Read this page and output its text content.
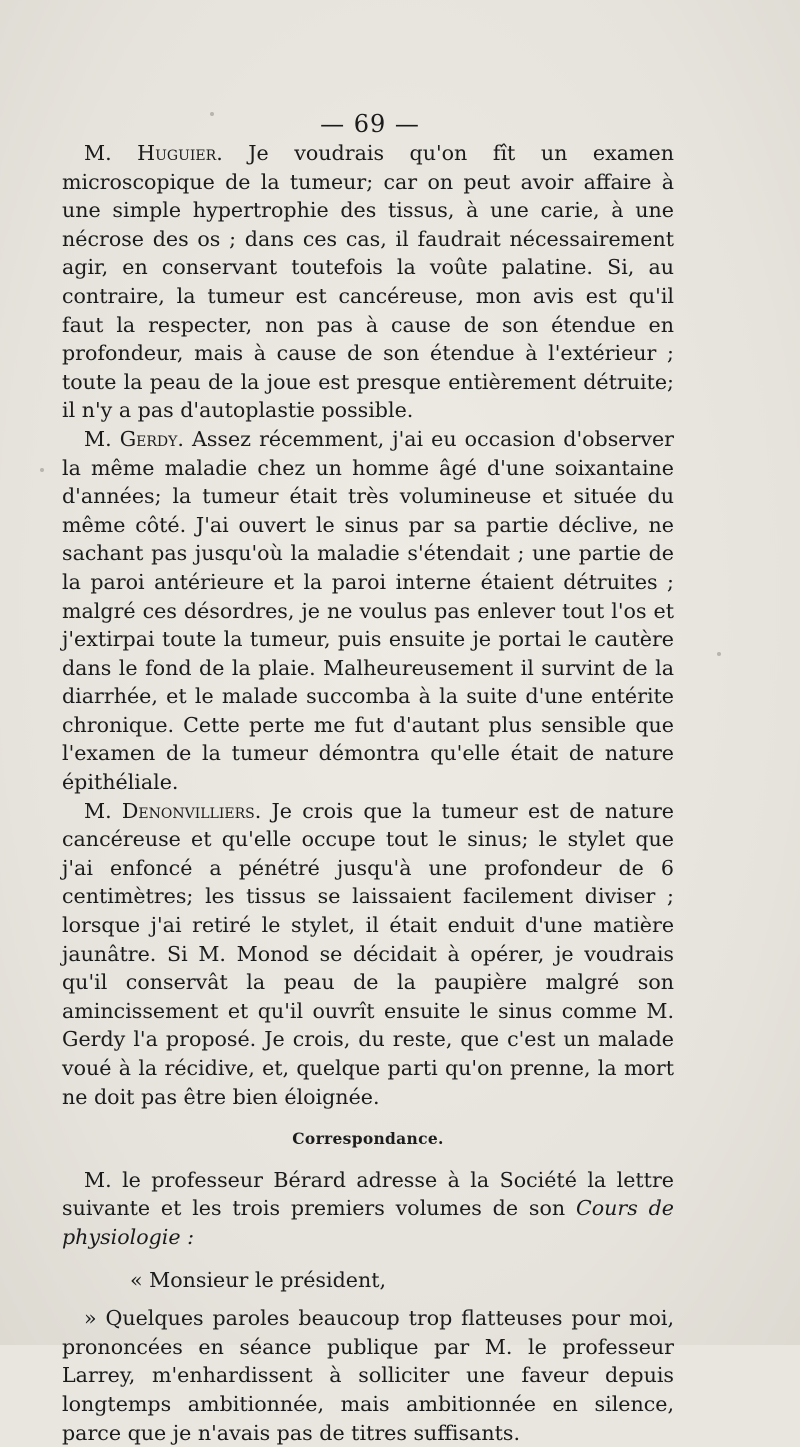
— 69 —

M. Huguier. Je voudrais qu'on fît un examen microscopique de la tumeur; car on peut avoir affaire à une simple hypertrophie des tissus, à une carie, à une nécrose des os ; dans ces cas, il faudrait nécessairement agir, en conservant toutefois la voûte palatine. Si, au contraire, la tumeur est cancéreuse, mon avis est qu'il faut la respecter, non pas à cause de son étendue en profondeur, mais à cause de son étendue à l'extérieur ; toute la peau de la joue est presque entièrement détruite; il n'y a pas d'autoplastie possible.

M. Gerdy. Assez récemment, j'ai eu occasion d'observer la même maladie chez un homme âgé d'une soixantaine d'années; la tumeur était très volumineuse et située du même côté. J'ai ouvert le sinus par sa partie déclive, ne sachant pas jusqu'où la maladie s'étendait ; une partie de la paroi antérieure et la paroi interne étaient détruites ; malgré ces désordres, je ne voulus pas enlever tout l'os et j'extirpai toute la tumeur, puis ensuite je portai le cautère dans le fond de la plaie. Malheureusement il survint de la diarrhée, et le malade succomba à la suite d'une entérite chronique. Cette perte me fut d'autant plus sensible que l'examen de la tumeur démontra qu'elle était de nature épithéliale.

M. Denonvilliers. Je crois que la tumeur est de nature cancéreuse et qu'elle occupe tout le sinus; le stylet que j'ai enfoncé a pénétré jusqu'à une profondeur de 6 centimètres; les tissus se laissaient facilement diviser ; lorsque j'ai retiré le stylet, il était enduit d'une matière jaunâtre. Si M. Monod se décidait à opérer, je voudrais qu'il conservât la peau de la paupière malgré son amincissement et qu'il ouvrît ensuite le sinus comme M. Gerdy l'a proposé. Je crois, du reste, que c'est un malade voué à la récidive, et, quelque parti qu'on prenne, la mort ne doit pas être bien éloignée.

Correspondance.

M. le professeur Bérard adresse à la Société la lettre suivante et les trois premiers volumes de son Cours de physiologie :

« Monsieur le président,

» Quelques paroles beaucoup trop flatteuses pour moi, prononcées en séance publique par M. le professeur Larrey, m'enhardissent à solliciter une faveur depuis longtemps ambitionnée, mais ambitionnée en silence, parce que je n'avais pas de titres suffisants.
